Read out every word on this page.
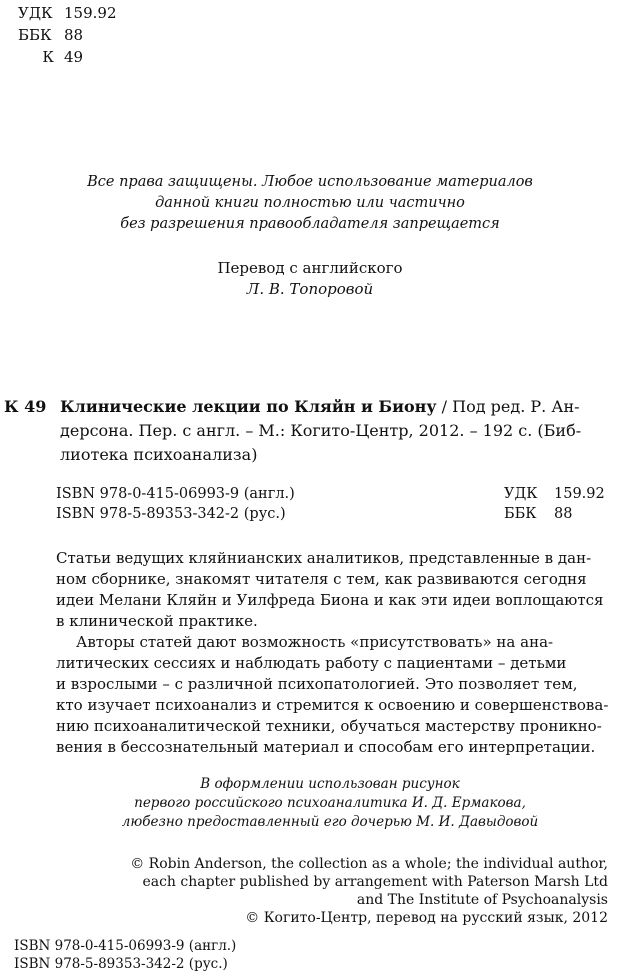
УДК 159.92
ББК 88
К 49
Все права защищены. Любое использование материалов
данной книги полностью или частично
без разрешения правообладателя запрещается
Перевод с английского
Л. В. Топоровой
К 49 Клинические лекции по Кляйн и Биону / Под ред. Р. Ан-
дерсона. Пер. с англ. – М.: Когито-Центр, 2012. – 192 с. (Биб-
лиотека психоанализа)
ISBN 978-0-415-06993-9 (англ.)
ISBN 978-5-89353-342-2 (рус.)
УДК 159.92
ББК 88
Статьи ведущих кляйнианских аналитиков, представленные в дан-
ном сборнике, знакомят читателя с тем, как развиваются сегодня
идеи Мелани Кляйн и Уилфреда Биона и как эти идеи воплощаются
в клинической практике.
Авторы статей дают возможность «присутствовать» на ана-
литических сессиях и наблюдать работу с пациентами – детьми
и взрослыми – с различной психопатологией. Это позволяет тем,
кто изучает психоанализ и стремится к освоению и совершенствова-
нию психоаналитической техники, обучаться мастерству проникно-
вения в бессознательный материал и способам его интерпретации.
В оформлении использован рисунок
первого российского психоаналитика И. Д. Ермакова,
любезно предоставленный его дочерью М. И. Давыдовой
© Robin Anderson, the collection as a whole; the individual author,
each chapter published by arrangement with Paterson Marsh Ltd
and The Institute of Psychoanalysis
© Когито-Центр, перевод на русский язык, 2012
ISBN 978-0-415-06993-9 (англ.)
ISBN 978-5-89353-342-2 (рус.)
